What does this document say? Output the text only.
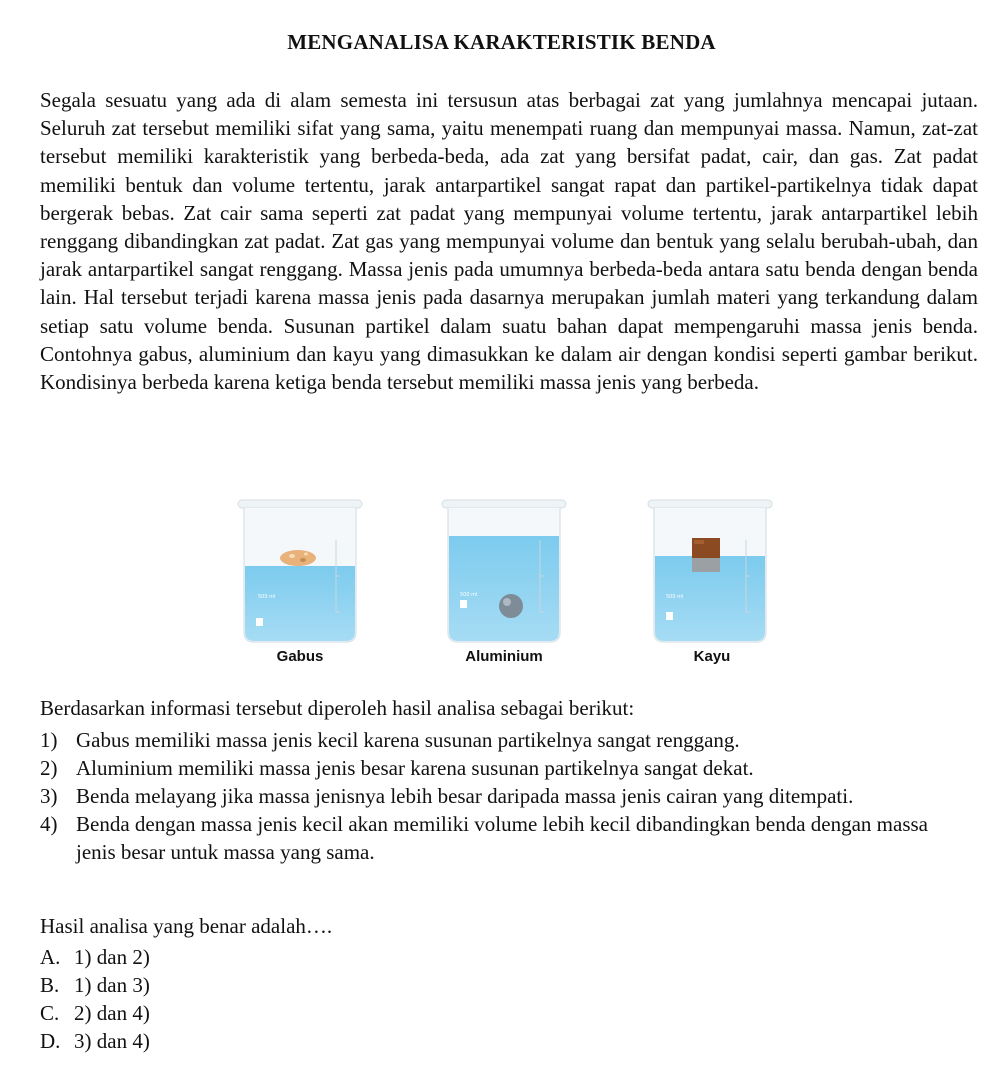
MENGANALISA KARAKTERISTIK BENDA

Segala sesuatu yang ada di alam semesta ini tersusun atas berbagai zat yang jumlahnya mencapai jutaan. Seluruh zat tersebut memiliki sifat yang sama, yaitu menempati ruang dan mempunyai massa. Namun, zat-zat tersebut memiliki karakteristik yang berbeda-beda, ada zat yang bersifat padat, cair, dan gas. Zat padat memiliki bentuk dan volume tertentu, jarak antarpartikel sangat rapat dan partikel-partikelnya tidak dapat bergerak bebas. Zat cair sama seperti zat padat yang mempunyai volume tertentu, jarak antarpartikel lebih renggang dibandingkan zat padat. Zat gas yang mempunyai volume dan bentuk yang selalu berubah-ubah, dan jarak antarpartikel sangat renggang. Massa jenis pada umumnya berbeda-beda antara satu benda dengan benda lain. Hal tersebut terjadi karena massa jenis pada dasarnya merupakan jumlah materi yang terkandung dalam setiap satu volume benda. Susunan partikel dalam suatu bahan dapat mempengaruhi massa jenis benda. Contohnya gabus, aluminium dan kayu yang dimasukkan ke dalam air dengan kondisi seperti gambar berikut. Kondisinya berbeda karena ketiga benda tersebut memiliki massa jenis yang berbeda.

500 ml	500 ml	500 ml
Gabus	Aluminium	Kayu

Berdasarkan informasi tersebut diperoleh hasil analisa sebagai berikut:

1) Gabus memiliki massa jenis kecil karena susunan partikelnya sangat renggang.
2) Aluminium memiliki massa jenis besar karena susunan partikelnya sangat dekat.
3) Benda melayang jika massa jenisnya lebih besar daripada massa jenis cairan yang ditempati.
4) Benda dengan massa jenis kecil akan memiliki volume lebih kecil dibandingkan benda dengan massa jenis besar untuk massa yang sama.

Hasil analisa yang benar adalah….

A. 1) dan 2)
B. 1) dan 3)
C. 2) dan 4)
D. 3) dan 4)
